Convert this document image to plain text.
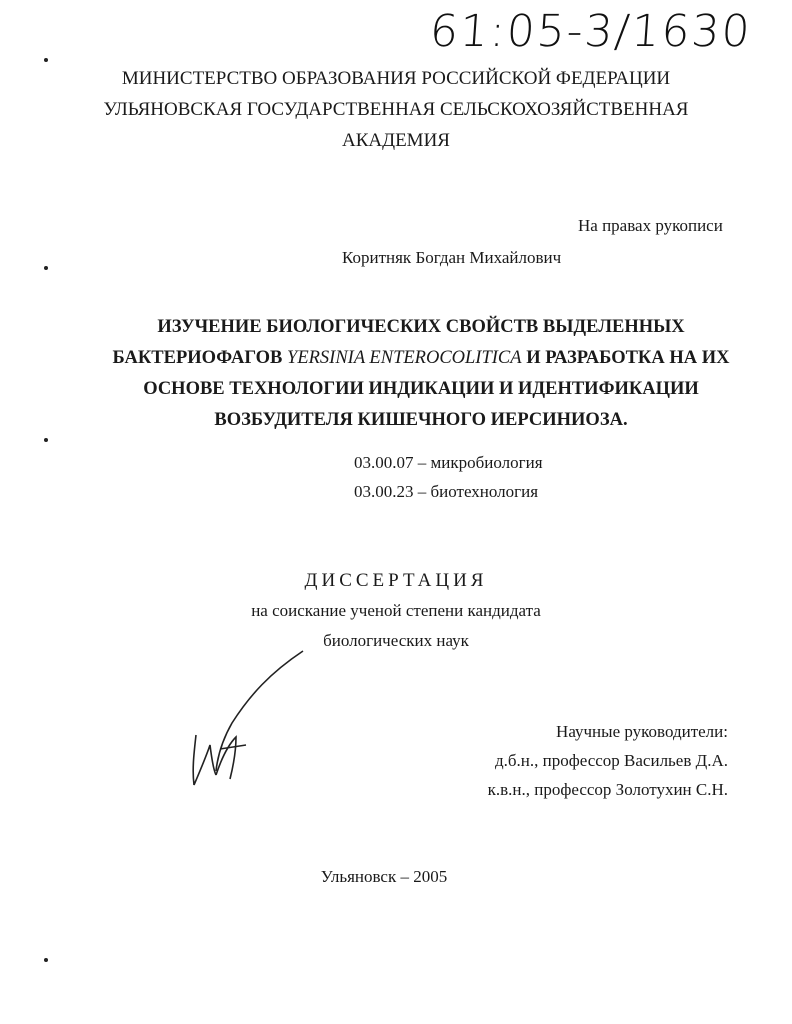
61:05-3/1630
МИНИСТЕРСТВО ОБРАЗОВАНИЯ РОССИЙСКОЙ ФЕДЕРАЦИИ
УЛЬЯНОВСКАЯ ГОСУДАРСТВЕННАЯ СЕЛЬСКОХОЗЯЙСТВЕННАЯ
АКАДЕМИЯ
На правах рукописи
Коритняк Богдан Михайлович
ИЗУЧЕНИЕ БИОЛОГИЧЕСКИХ СВОЙСТВ ВЫДЕЛЕННЫХ
БАКТЕРИОФАГОВ YERSINIA ENTEROCOLITICA И РАЗРАБОТКА НА ИХ
ОСНОВЕ ТЕХНОЛОГИИ ИНДИКАЦИИ И ИДЕНТИФИКАЦИИ
ВОЗБУДИТЕЛЯ КИШЕЧНОГО ИЕРСИНИОЗА.
03.00.07 – микробиология
03.00.23 – биотехнология
ДИССЕРТАЦИЯ
на соискание ученой степени кандидата
биологических наук
Научные руководители:
д.б.н., профессор Васильев Д.А.
к.в.н., профессор Золотухин С.Н.
Ульяновск – 2005
